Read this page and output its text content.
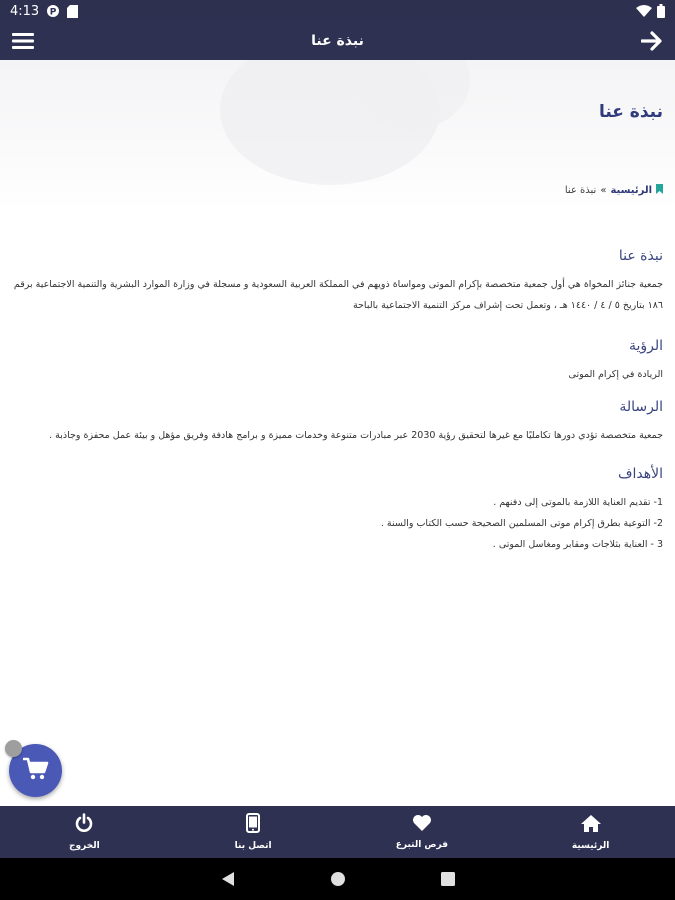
4:13 P
نبذة عنا
نبذة عنا
الرئيسية
»
نبذة عنا
نبذة عنا

جمعية جنائز المخواة هي أول جمعية متخصصة بإكرام الموتى ومواساة ذويهم في المملكة العربية السعودية و مسجلة في وزارة الموارد البشرية والتنمية الاجتماعية برقم ١٨٦ بتاريخ ٥ / ٤ / ١٤٤٠ هـ ، وتعمل تحت إشراف مركز التنمية الاجتماعية بالباحة

الرؤية

الريادة في إكرام الموتى

الرسالة

جمعية متخصصة تؤدي دورها تكامليًا مع غيرها لتحقيق رؤية 2030 عبر مبادرات متنوعة وخدمات مميزة و برامج هادفة وفريق مؤهل و بيئة عمل محفزة وجاذبة .

الأهداف
1- تقديم العناية اللازمة بالموتى إلى دفنهم .
2- التوعية بطرق إكرام موتى المسلمين الصحيحة حسب الكتاب والسنة .
3 - العناية بثلاجات ومقابر ومغاسل الموتى .
الخروج	اتصل بنا	فرص التبرع	الرئيسية
